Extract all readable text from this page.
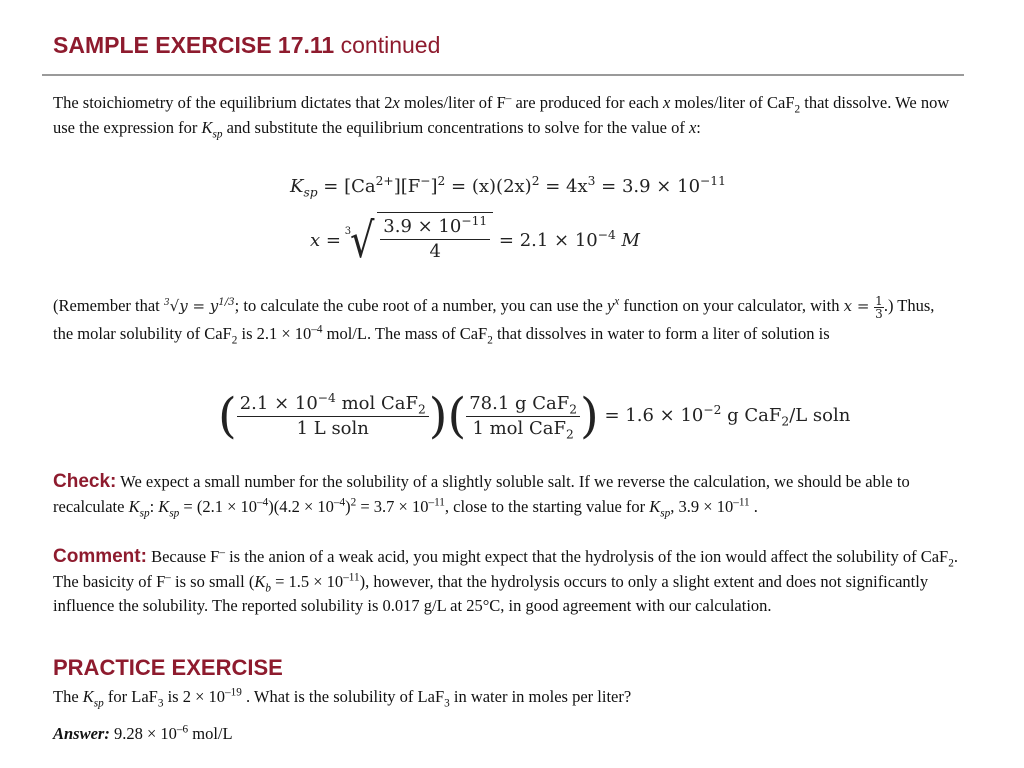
SAMPLE EXERCISE 17.11 continued

The stoichiometry of the equilibrium dictates that 2x moles/liter of F– are produced for each x moles/liter of CaF$_2$ that dissolve. We now use the expression for $K_{sp}$ and substitute the equilibrium concentrations to solve for the value of x:

$K_{sp} = [Ca^{2+}][F^-]^2 = (x)(2x)^2 = 4x^3 = 3.9 \times 10^{-11}$
x =
3
√ $\frac{3.9 \times 10^{-11}}{4} = 2.1 \times 10^{-4}$ M

(Remember that $^3√y = y^{1/3}$; to calculate the cube root of a number, you can use the $y^x$ function on your calculator, with $x = \frac{1}{3}$ .) Thus, the molar solubility of CaF$_2$ is $2.1 \times 10^{-4}$ mol/L. The mass of CaF$_2$ that dissolves in water to form a liter of solution is

( $\frac{2.1 \times 10^{-4} mol CaF_2}{\text{1 L soln}}$ )( $\frac{78.1 g CaF_2}{1 mol CaF_2}$ ) = $1.6 \times 10^{-2}$ g CaF$_2$/L soln

Check: We expect a small number for the solubility of a slightly soluble salt. If we reverse the calculation, we should be able to recalculate $K_{sp}$: $K_{sp} = (2.1 \times 10^{-4})(4.2 \times 10^{-4})^2 = 3.7 \times 10^{-11}$, close to the starting value for $K_{sp}$, $3.9 \times 10^{-11}$ .

Comment: Because F– is the anion of a weak acid, you might expect that the hydrolysis of the ion would affect the solubility of CaF$_2$. The basicity of F– is so small $(K_b = 1.5 \times 10^{-11})$, however, that the hydrolysis occurs to only a slight extent and does not significantly influence the solubility. The reported solubility is 0.017 g/L at 25°C, in good agreement with our calculation.

PRACTICE EXERCISE

The $K_{sp}$ for LaF$_3$ is $2 \times 10^{-19}$ . What is the solubility of LaF$_3$ in water in moles per liter?

Answer: $9.28 \times 10^{-6}$ mol/L
